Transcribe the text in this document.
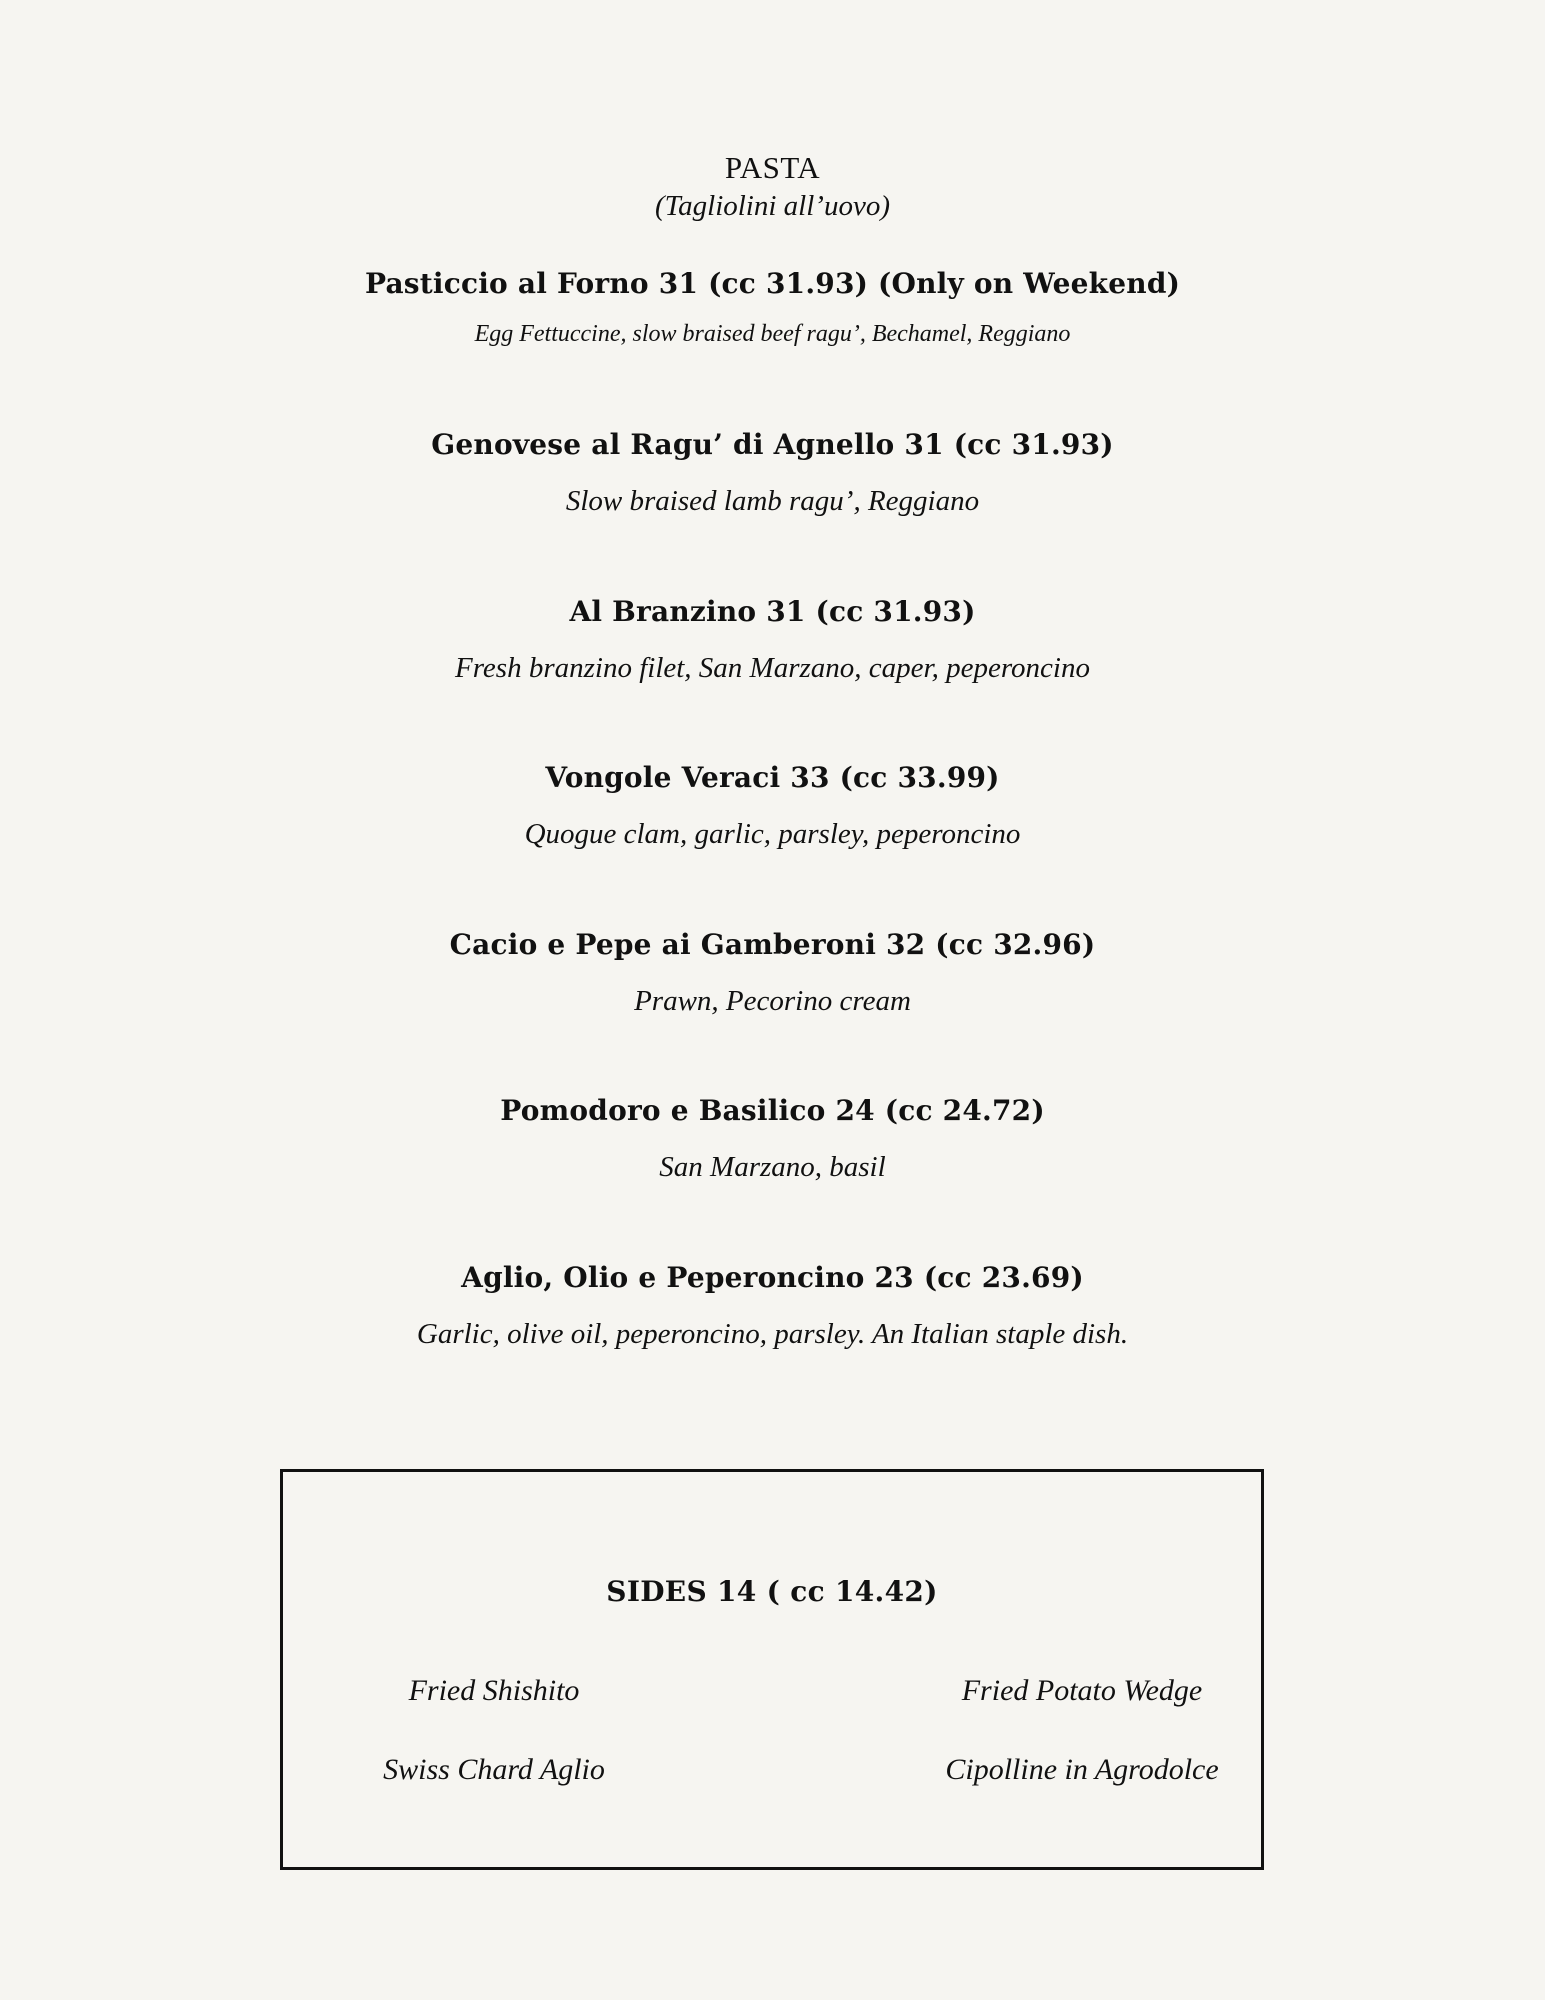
PASTA
(Tagliolini all’uovo)
Pasticcio al Forno 31 (cc 31.93) (Only on Weekend)
Egg Fettuccine, slow braised beef ragu’, Bechamel, Reggiano
Genovese al Ragu’ di Agnello 31 (cc 31.93)
Slow braised lamb ragu’, Reggiano
Al Branzino 31 (cc 31.93)
Fresh branzino filet, San Marzano, caper, peperoncino
Vongole Veraci 33 (cc 33.99)
Quogue clam, garlic, parsley, peperoncino
Cacio e Pepe ai Gamberoni 32 (cc 32.96)
Prawn, Pecorino cream
Pomodoro e Basilico 24 (cc 24.72)
San Marzano, basil
Aglio, Olio e Peperoncino 23 (cc 23.69)
Garlic, olive oil, peperoncino, parsley. An Italian staple dish.
SIDES 14 ( cc 14.42)
Fried Shishito	Fried Potato Wedge
Swiss Chard Aglio	Cipolline in Agrodolce
